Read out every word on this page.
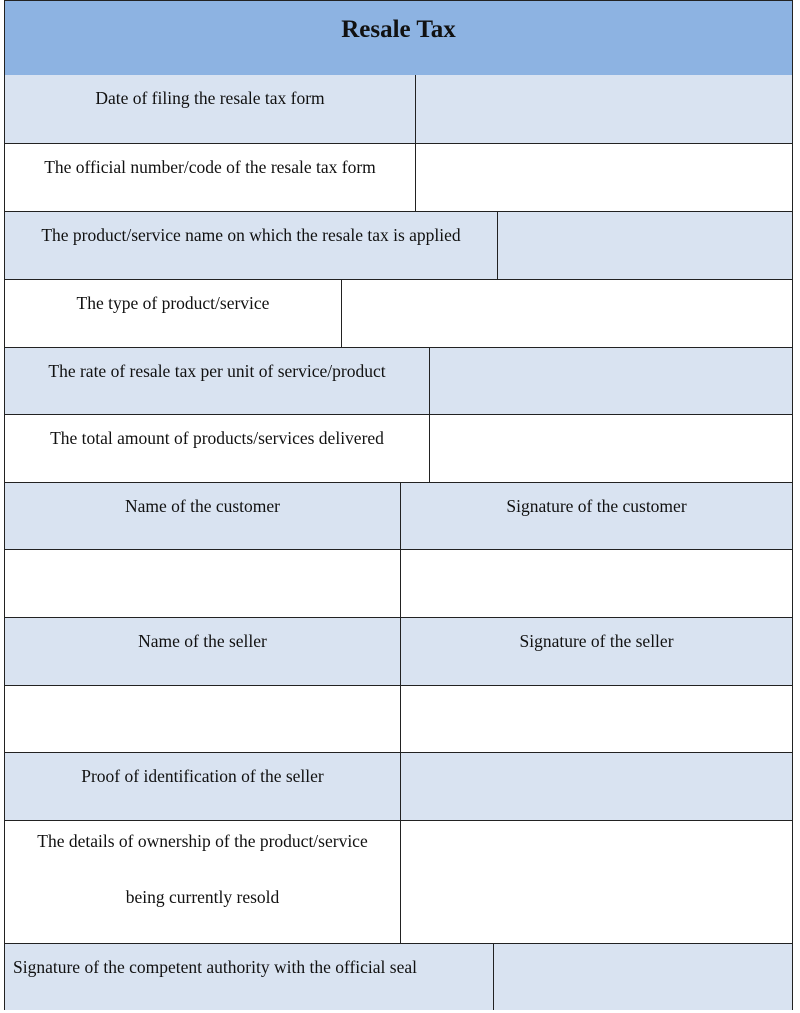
Resale Tax
Date of filing the resale tax form
The official number/code of the resale tax form
The product/service name on which the resale tax is applied
The type of product/service
The rate of resale tax per unit of service/product
The total amount of products/services delivered
Name of the customer	Signature of the customer
Name of the seller	Signature of the seller
Proof of identification of the seller
The details of ownership of the product/service
being currently resold
Signature of the competent authority with the official seal
